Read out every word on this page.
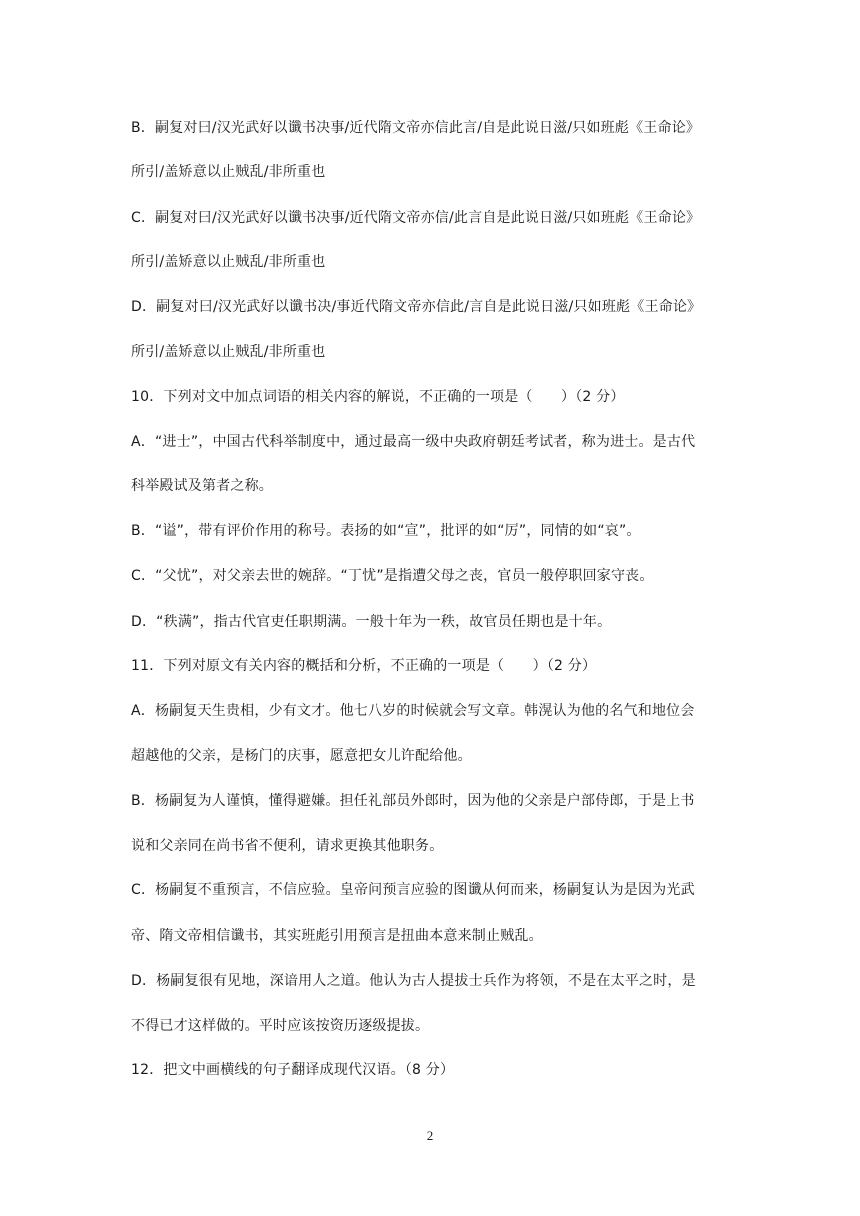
B．嗣复对曰/汉光武好以谶书决事/近代隋文帝亦信此言/自是此说日滋/只如班彪《王命论》
所引/盖矫意以止贼乱/非所重也
C．嗣复对曰/汉光武好以谶书决事/近代隋文帝亦信/此言自是此说日滋/只如班彪《王命论》
所引/盖矫意以止贼乱/非所重也
D．嗣复对曰/汉光武好以谶书决/事近代隋文帝亦信此/言自是此说日滋/只如班彪《王命论》
所引/盖矫意以止贼乱/非所重也
10．下列对文中加点词语的相关内容的解说，不正确的一项是（　　）（2 分）
A．“进士”，中国古代科举制度中，通过最高一级中央政府朝廷考试者，称为进士。是古代
科举殿试及第者之称。
B．“谥”，带有评价作用的称号。表扬的如“宣”，批评的如“厉”，同情的如“哀”。
C．“父忧”，对父亲去世的婉辞。“丁忧”是指遭父母之丧，官员一般停职回家守丧。
D．“秩满”，指古代官吏任职期满。一般十年为一秩，故官员任期也是十年。
11．下列对原文有关内容的概括和分析，不正确的一项是（　　）（2 分）
A．杨嗣复天生贵相，少有文才。他七八岁的时候就会写文章。韩滉认为他的名气和地位会
超越他的父亲，是杨门的庆事，愿意把女儿许配给他。
B．杨嗣复为人谨慎，懂得避嫌。担任礼部员外郎时，因为他的父亲是户部侍郎，于是上书
说和父亲同在尚书省不便利，请求更换其他职务。
C．杨嗣复不重预言，不信应验。皇帝问预言应验的图谶从何而来，杨嗣复认为是因为光武
帝、隋文帝相信谶书，其实班彪引用预言是扭曲本意来制止贼乱。
D．杨嗣复很有见地，深谙用人之道。他认为古人提拔士兵作为将领，不是在太平之时，是
不得已才这样做的。平时应该按资历逐级提拔。
12．把文中画横线的句子翻译成现代汉语。（8 分）
2
